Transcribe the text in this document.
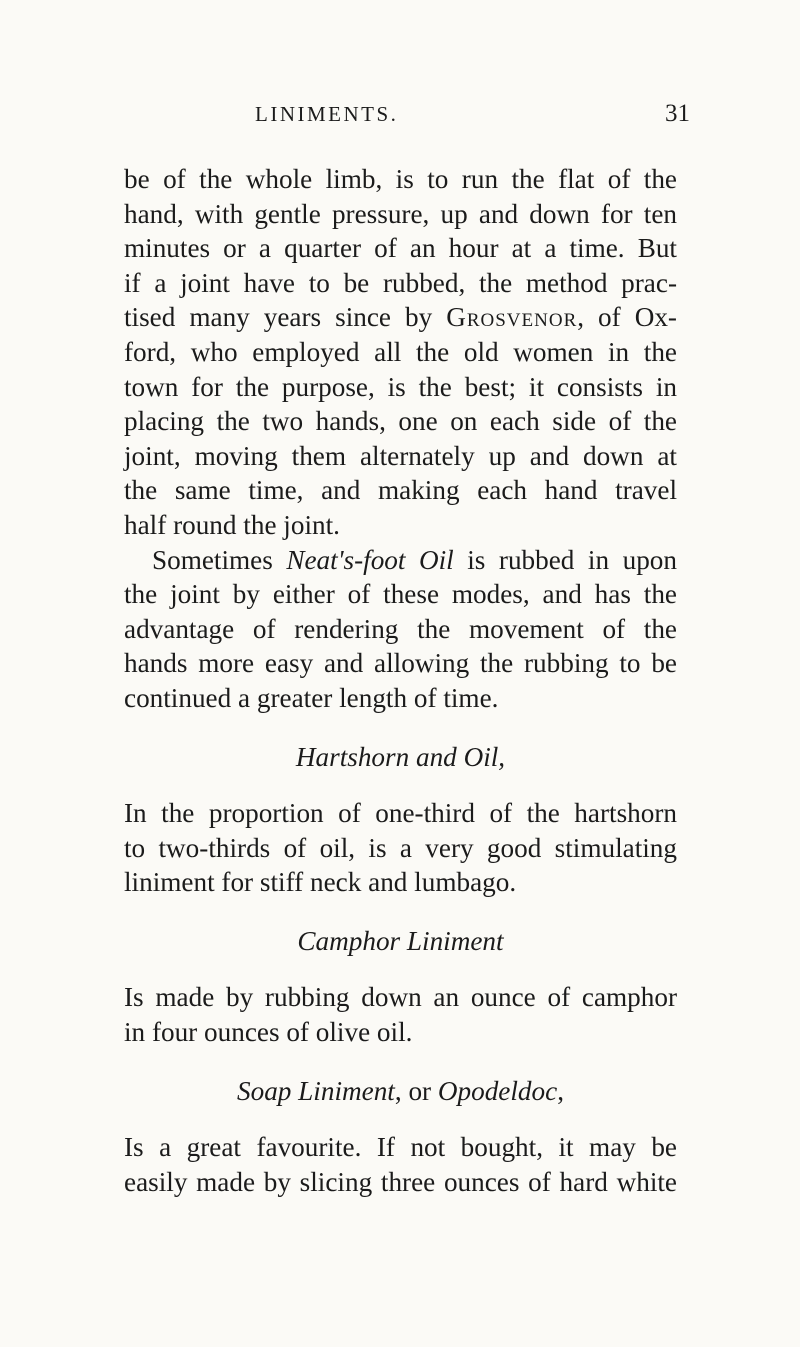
LINIMENTS.	31
be of the whole limb, is to run the flat of the
hand, with gentle pressure, up and down for ten
minutes or a quarter of an hour at a time. But
if a joint have to be rubbed, the method prac-
tised many years since by Grosvenor, of Ox-
ford, who employed all the old women in the
town for the purpose, is the best; it consists in
placing the two hands, one on each side of the
joint, moving them alternately up and down at
the same time, and making each hand travel
half round the joint.
Sometimes Neat's-foot Oil is rubbed in upon
the joint by either of these modes, and has the
advantage of rendering the movement of the
hands more easy and allowing the rubbing to be
continued a greater length of time.
Hartshorn and Oil,
In the proportion of one-third of the hartshorn
to two-thirds of oil, is a very good stimulating
liniment for stiff neck and lumbago.
Camphor Liniment
Is made by rubbing down an ounce of camphor
in four ounces of olive oil.
Soap Liniment, or Opodeldoc,
Is a great favourite. If not bought, it may be
easily made by slicing three ounces of hard white
